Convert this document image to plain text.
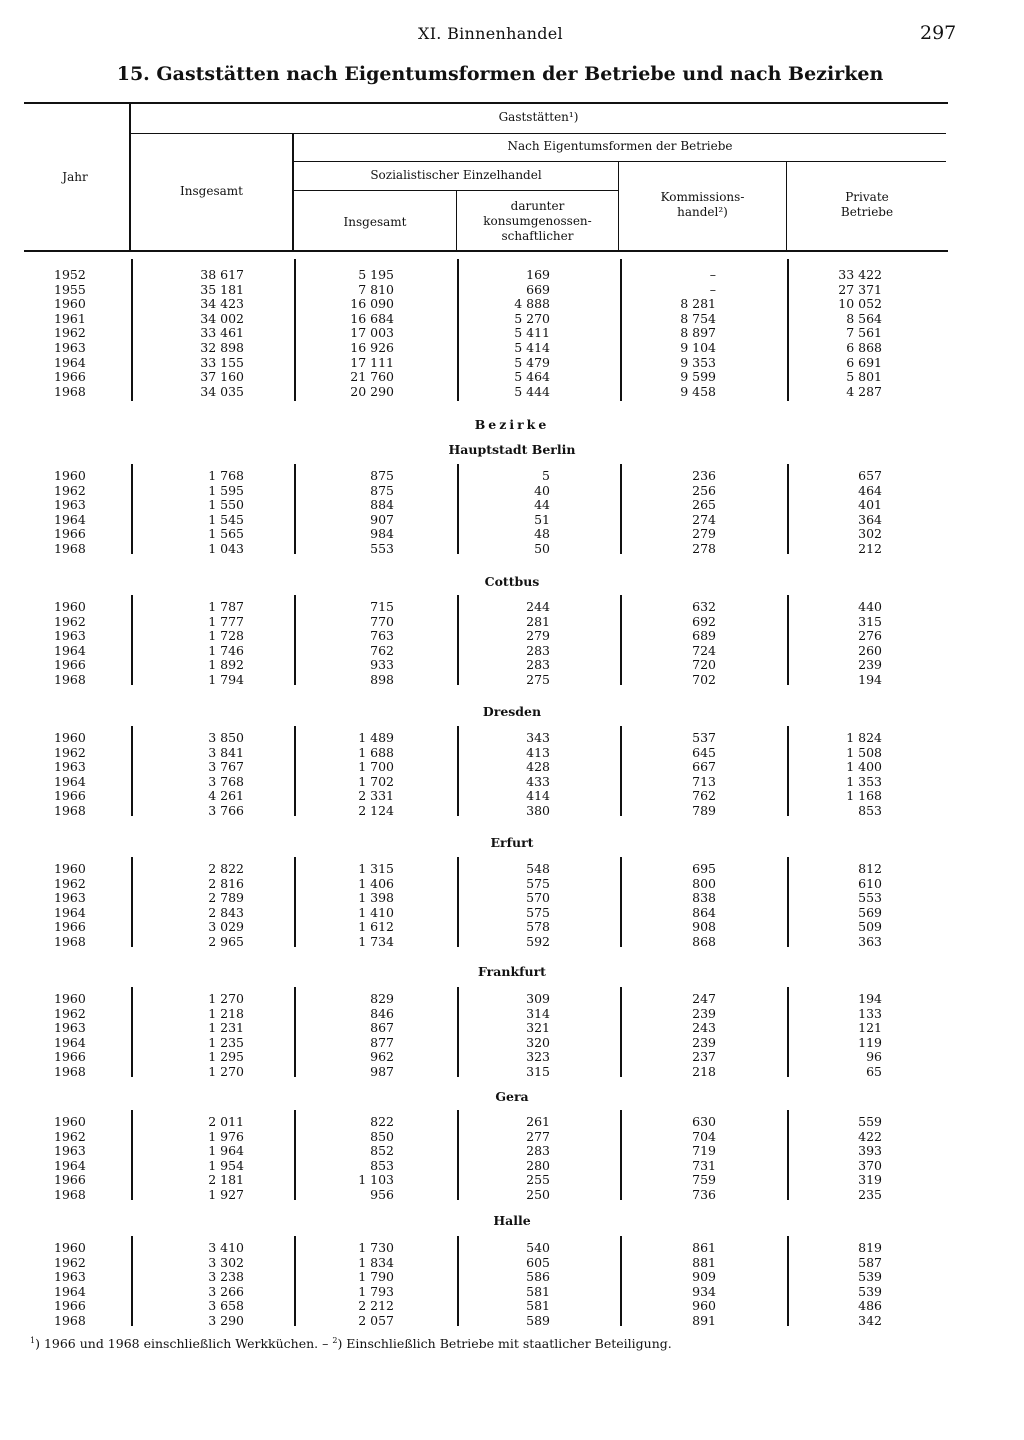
XI. Binnenhandel	297
15. Gaststätten nach Eigentumsformen der Betriebe und nach Bezirken
Jahr
Gaststätten¹)
Insgesamt
Nach Eigentumsformen der Betriebe
Sozialistischer Einzelhandel
Insgesamt
darunter
konsumgenossen-
schaftlicher
Kommissions-
handel²)
Private
Betriebe
1952	38 617	5 195	169	–	33 422
1955	35 181	7 810	669	–	27 371
1960	34 423	16 090	4 888	8 281	10 052
1961	34 002	16 684	5 270	8 754	8 564
1962	33 461	17 003	5 411	8 897	7 561
1963	32 898	16 926	5 414	9 104	6 868
1964	33 155	17 111	5 479	9 353	6 691
1966	37 160	21 760	5 464	9 599	5 801
1968	34 035	20 290	5 444	9 458	4 287
Bezirke
Hauptstadt Berlin
1960	1 768	875	5	236	657
1962	1 595	875	40	256	464
1963	1 550	884	44	265	401
1964	1 545	907	51	274	364
1966	1 565	984	48	279	302
1968	1 043	553	50	278	212
Cottbus
1960	1 787	715	244	632	440
1962	1 777	770	281	692	315
1963	1 728	763	279	689	276
1964	1 746	762	283	724	260
1966	1 892	933	283	720	239
1968	1 794	898	275	702	194
Dresden
1960	3 850	1 489	343	537	1 824
1962	3 841	1 688	413	645	1 508
1963	3 767	1 700	428	667	1 400
1964	3 768	1 702	433	713	1 353
1966	4 261	2 331	414	762	1 168
1968	3 766	2 124	380	789	853
Erfurt
1960	2 822	1 315	548	695	812
1962	2 816	1 406	575	800	610
1963	2 789	1 398	570	838	553
1964	2 843	1 410	575	864	569
1966	3 029	1 612	578	908	509
1968	2 965	1 734	592	868	363
Frankfurt
1960	1 270	829	309	247	194
1962	1 218	846	314	239	133
1963	1 231	867	321	243	121
1964	1 235	877	320	239	119
1966	1 295	962	323	237	96
1968	1 270	987	315	218	65
Gera
1960	2 011	822	261	630	559
1962	1 976	850	277	704	422
1963	1 964	852	283	719	393
1964	1 954	853	280	731	370
1966	2 181	1 103	255	759	319
1968	1 927	956	250	736	235
Halle
1960	3 410	1 730	540	861	819
1962	3 302	1 834	605	881	587
1963	3 238	1 790	586	909	539
1964	3 266	1 793	581	934	539
1966	3 658	2 212	581	960	486
1968	3 290	2 057	589	891	342
$^1$) 1966 und 1968 einschließlich Werkküchen. – $^2$) Einschließlich Betriebe mit staatlicher Beteiligung.
